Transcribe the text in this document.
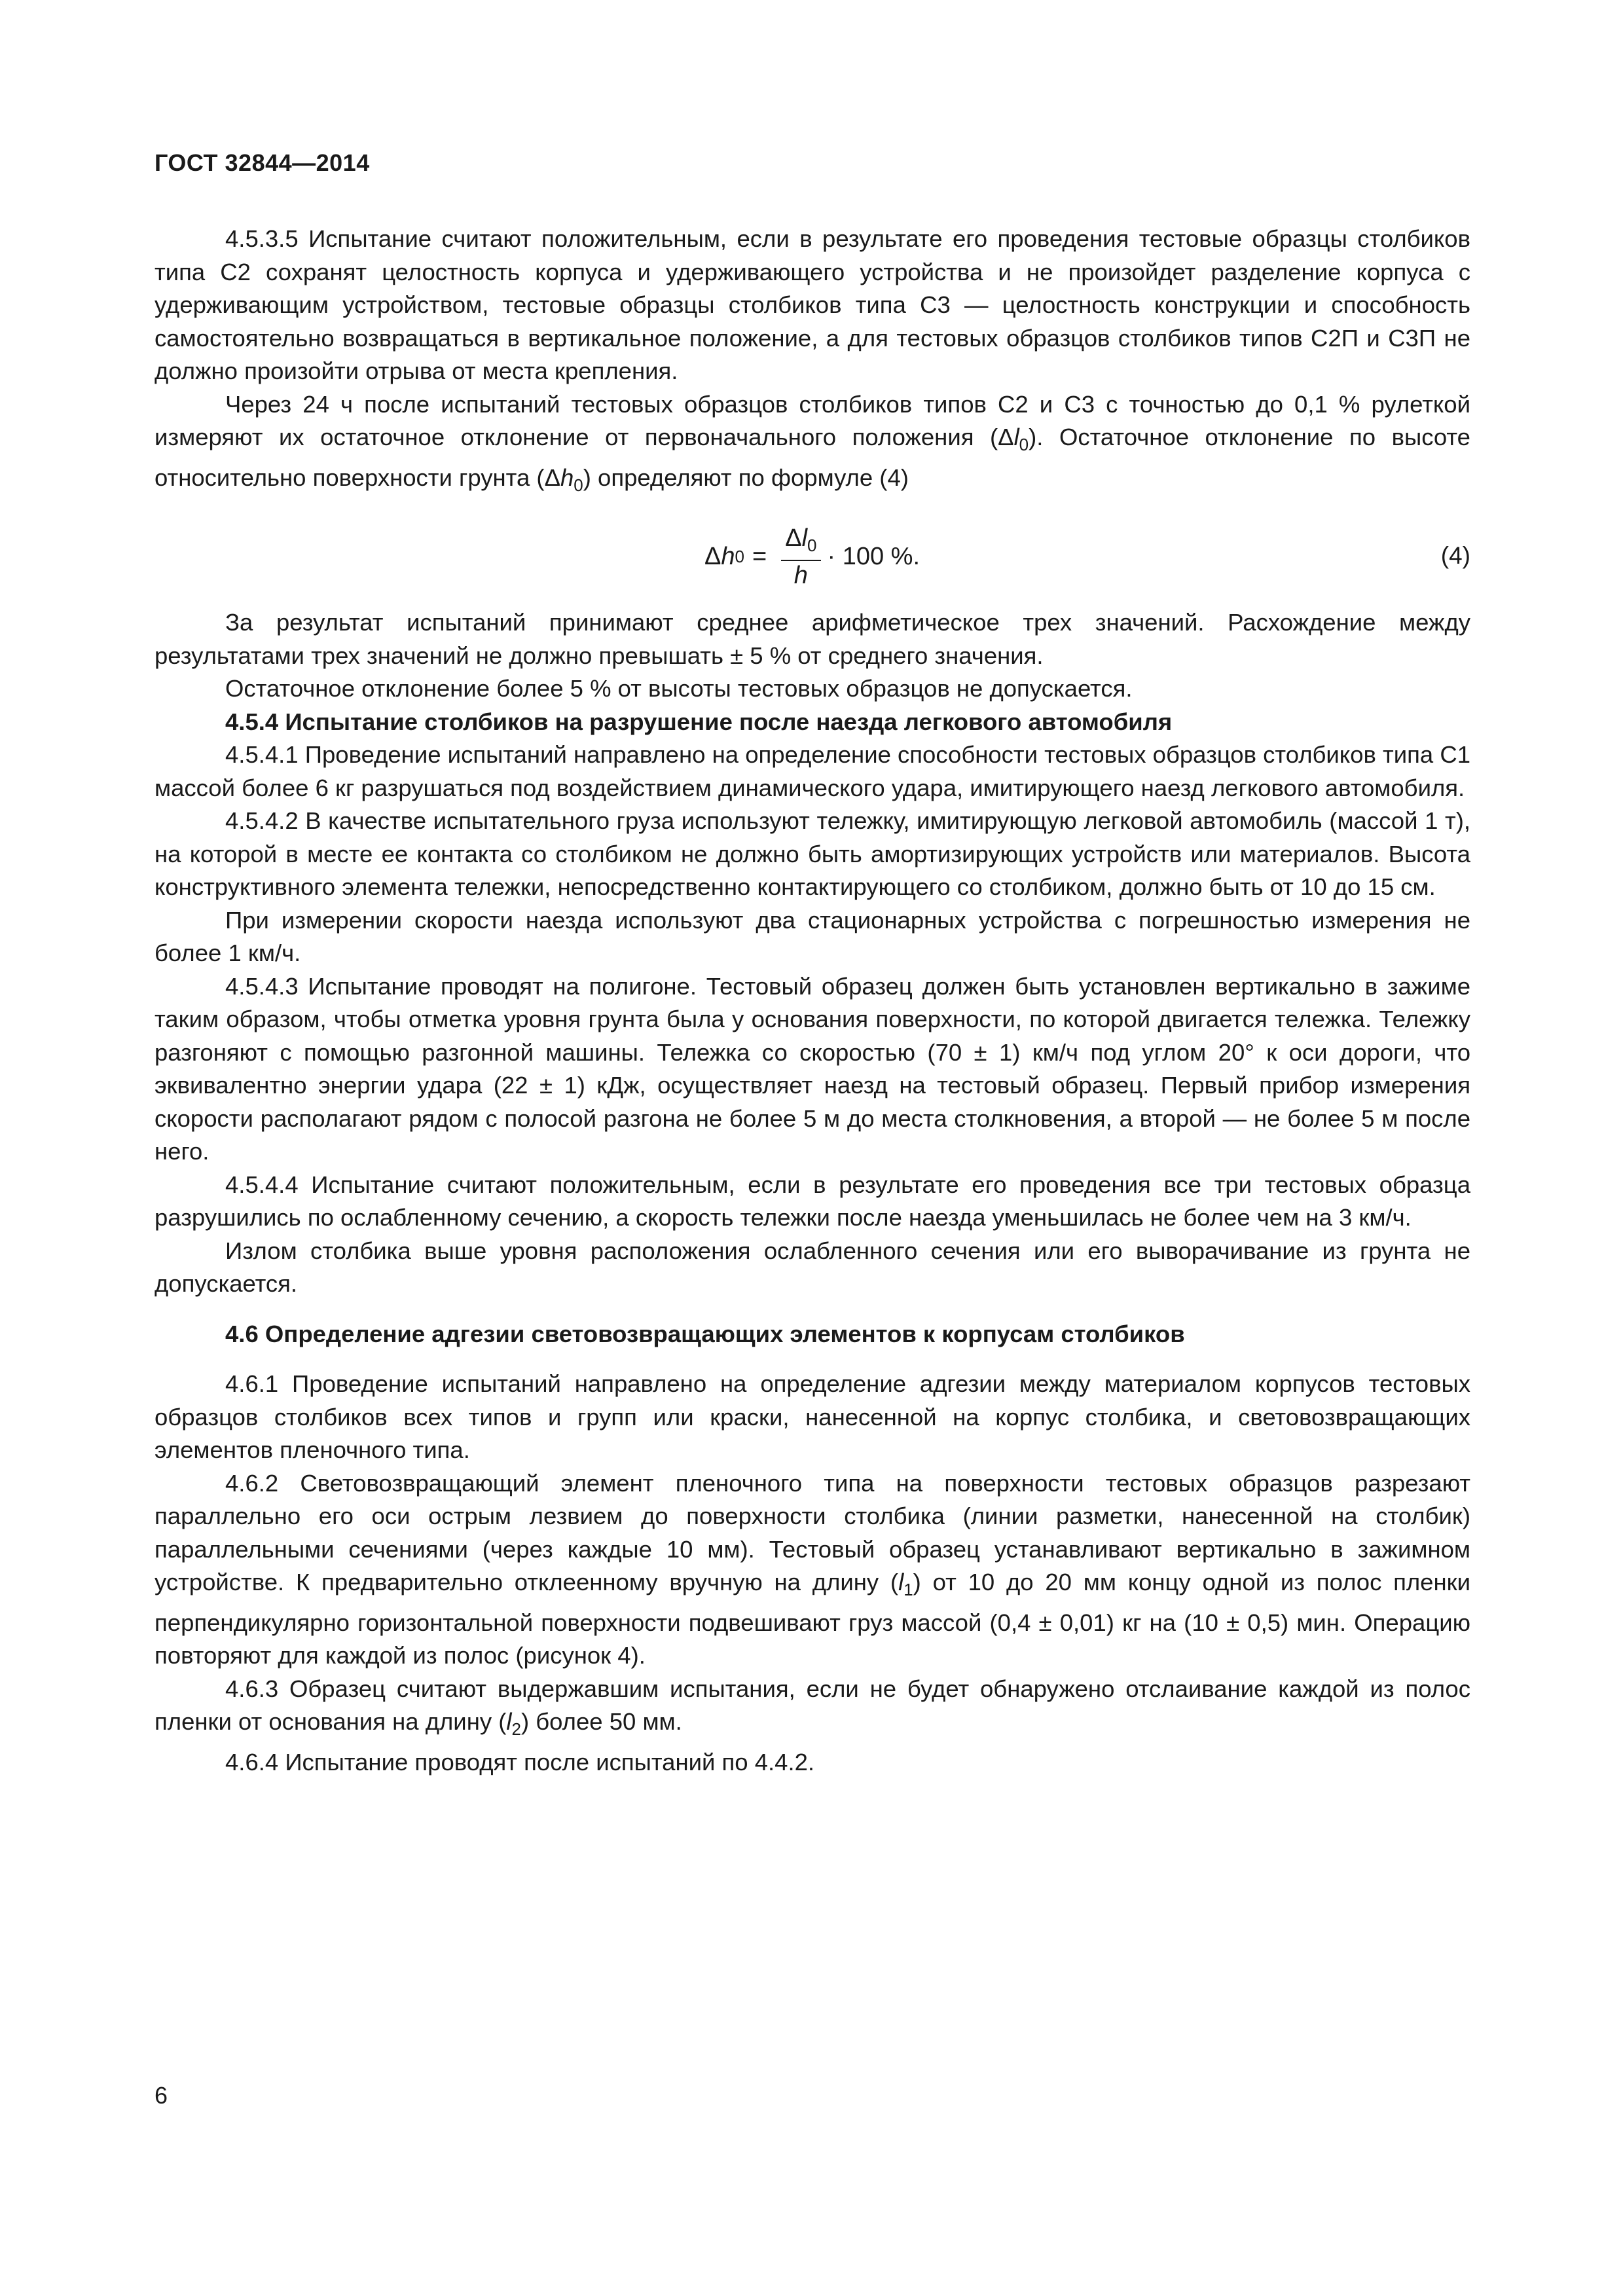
ГОСТ 32844—2014

4.5.3.5 Испытание считают положительным, если в результате его проведения тестовые образцы столбиков типа С2 сохранят целостность корпуса и удерживающего устройства и не произойдет разделение корпуса с удерживающим устройством, тестовые образцы столбиков типа С3 — целостность конструкции и способность самостоятельно возвращаться в вертикальное положение, а для тестовых образцов столбиков типов С2П и С3П не должно произойти отрыва от места крепления.

Через 24 ч после испытаний тестовых образцов столбиков типов С2 и С3 с точностью до 0,1 % рулеткой измеряют их остаточное отклонение от первоначального положения $(\Delta l_0)$. Остаточное отклонение по высоте относительно поверхности грунта $(\Delta h_0)$ определяют по формуле (4)

Δ h $0 = \frac{\Delta l_0}{h} \cdot 100$ %.	(4)

За результат испытаний принимают среднее арифметическое трех значений. Расхождение между результатами трех значений не должно превышать ± 5 % от среднего значения.

Остаточное отклонение более 5 % от высоты тестовых образцов не допускается.

4.5.4 Испытание столбиков на разрушение после наезда легкового автомобиля

4.5.4.1 Проведение испытаний направлено на определение способности тестовых образцов столбиков типа С1 массой более 6 кг разрушаться под воздействием динамического удара, имитирующего наезд легкового автомобиля.

4.5.4.2 В качестве испытательного груза используют тележку, имитирующую легковой автомобиль (массой 1 т), на которой в месте ее контакта со столбиком не должно быть амортизирующих устройств или материалов. Высота конструктивного элемента тележки, непосредственно контактирующего со столбиком, должно быть от 10 до 15 см.

При измерении скорости наезда используют два стационарных устройства с погрешностью измерения не более 1 км/ч.

4.5.4.3 Испытание проводят на полигоне. Тестовый образец должен быть установлен вертикально в зажиме таким образом, чтобы отметка уровня грунта была у основания поверхности, по которой двигается тележка. Тележку разгоняют с помощью разгонной машины. Тележка со скоростью (70 ± 1) км/ч под углом 20° к оси дороги, что эквивалентно энергии удара (22 ± 1) кДж, осуществляет наезд на тестовый образец. Первый прибор измерения скорости располагают рядом с полосой разгона не более 5 м до места столкновения, а второй — не более 5 м после него.

4.5.4.4 Испытание считают положительным, если в результате его проведения все три тестовых образца разрушились по ослабленному сечению, а скорость тележки после наезда уменьшилась не более чем на 3 км/ч.

Излом столбика выше уровня расположения ослабленного сечения или его выворачивание из грунта не допускается.

4.6 Определение адгезии световозвращающих элементов к корпусам столбиков

4.6.1 Проведение испытаний направлено на определение адгезии между материалом корпусов тестовых образцов столбиков всех типов и групп или краски, нанесенной на корпус столбика, и световозвращающих элементов пленочного типа.

4.6.2 Световозвращающий элемент пленочного типа на поверхности тестовых образцов разрезают параллельно его оси острым лезвием до поверхности столбика (линии разметки, нанесенной на столбик) параллельными сечениями (через каждые 10 мм). Тестовый образец устанавливают вертикально в зажимном устройстве. К предварительно отклеенному вручную на длину $(l_1)$ от 10 до 20 мм концу одной из полос пленки перпендикулярно горизонтальной поверхности подвешивают груз массой (0,4 ± 0,01) кг на (10 ± 0,5) мин. Операцию повторяют для каждой из полос (рисунок 4).

4.6.3 Образец считают выдержавшим испытания, если не будет обнаружено отслаивание каждой из полос пленки от основания на длину $(l_2)$ более 50 мм.

4.6.4 Испытание проводят после испытаний по 4.4.2.

6
